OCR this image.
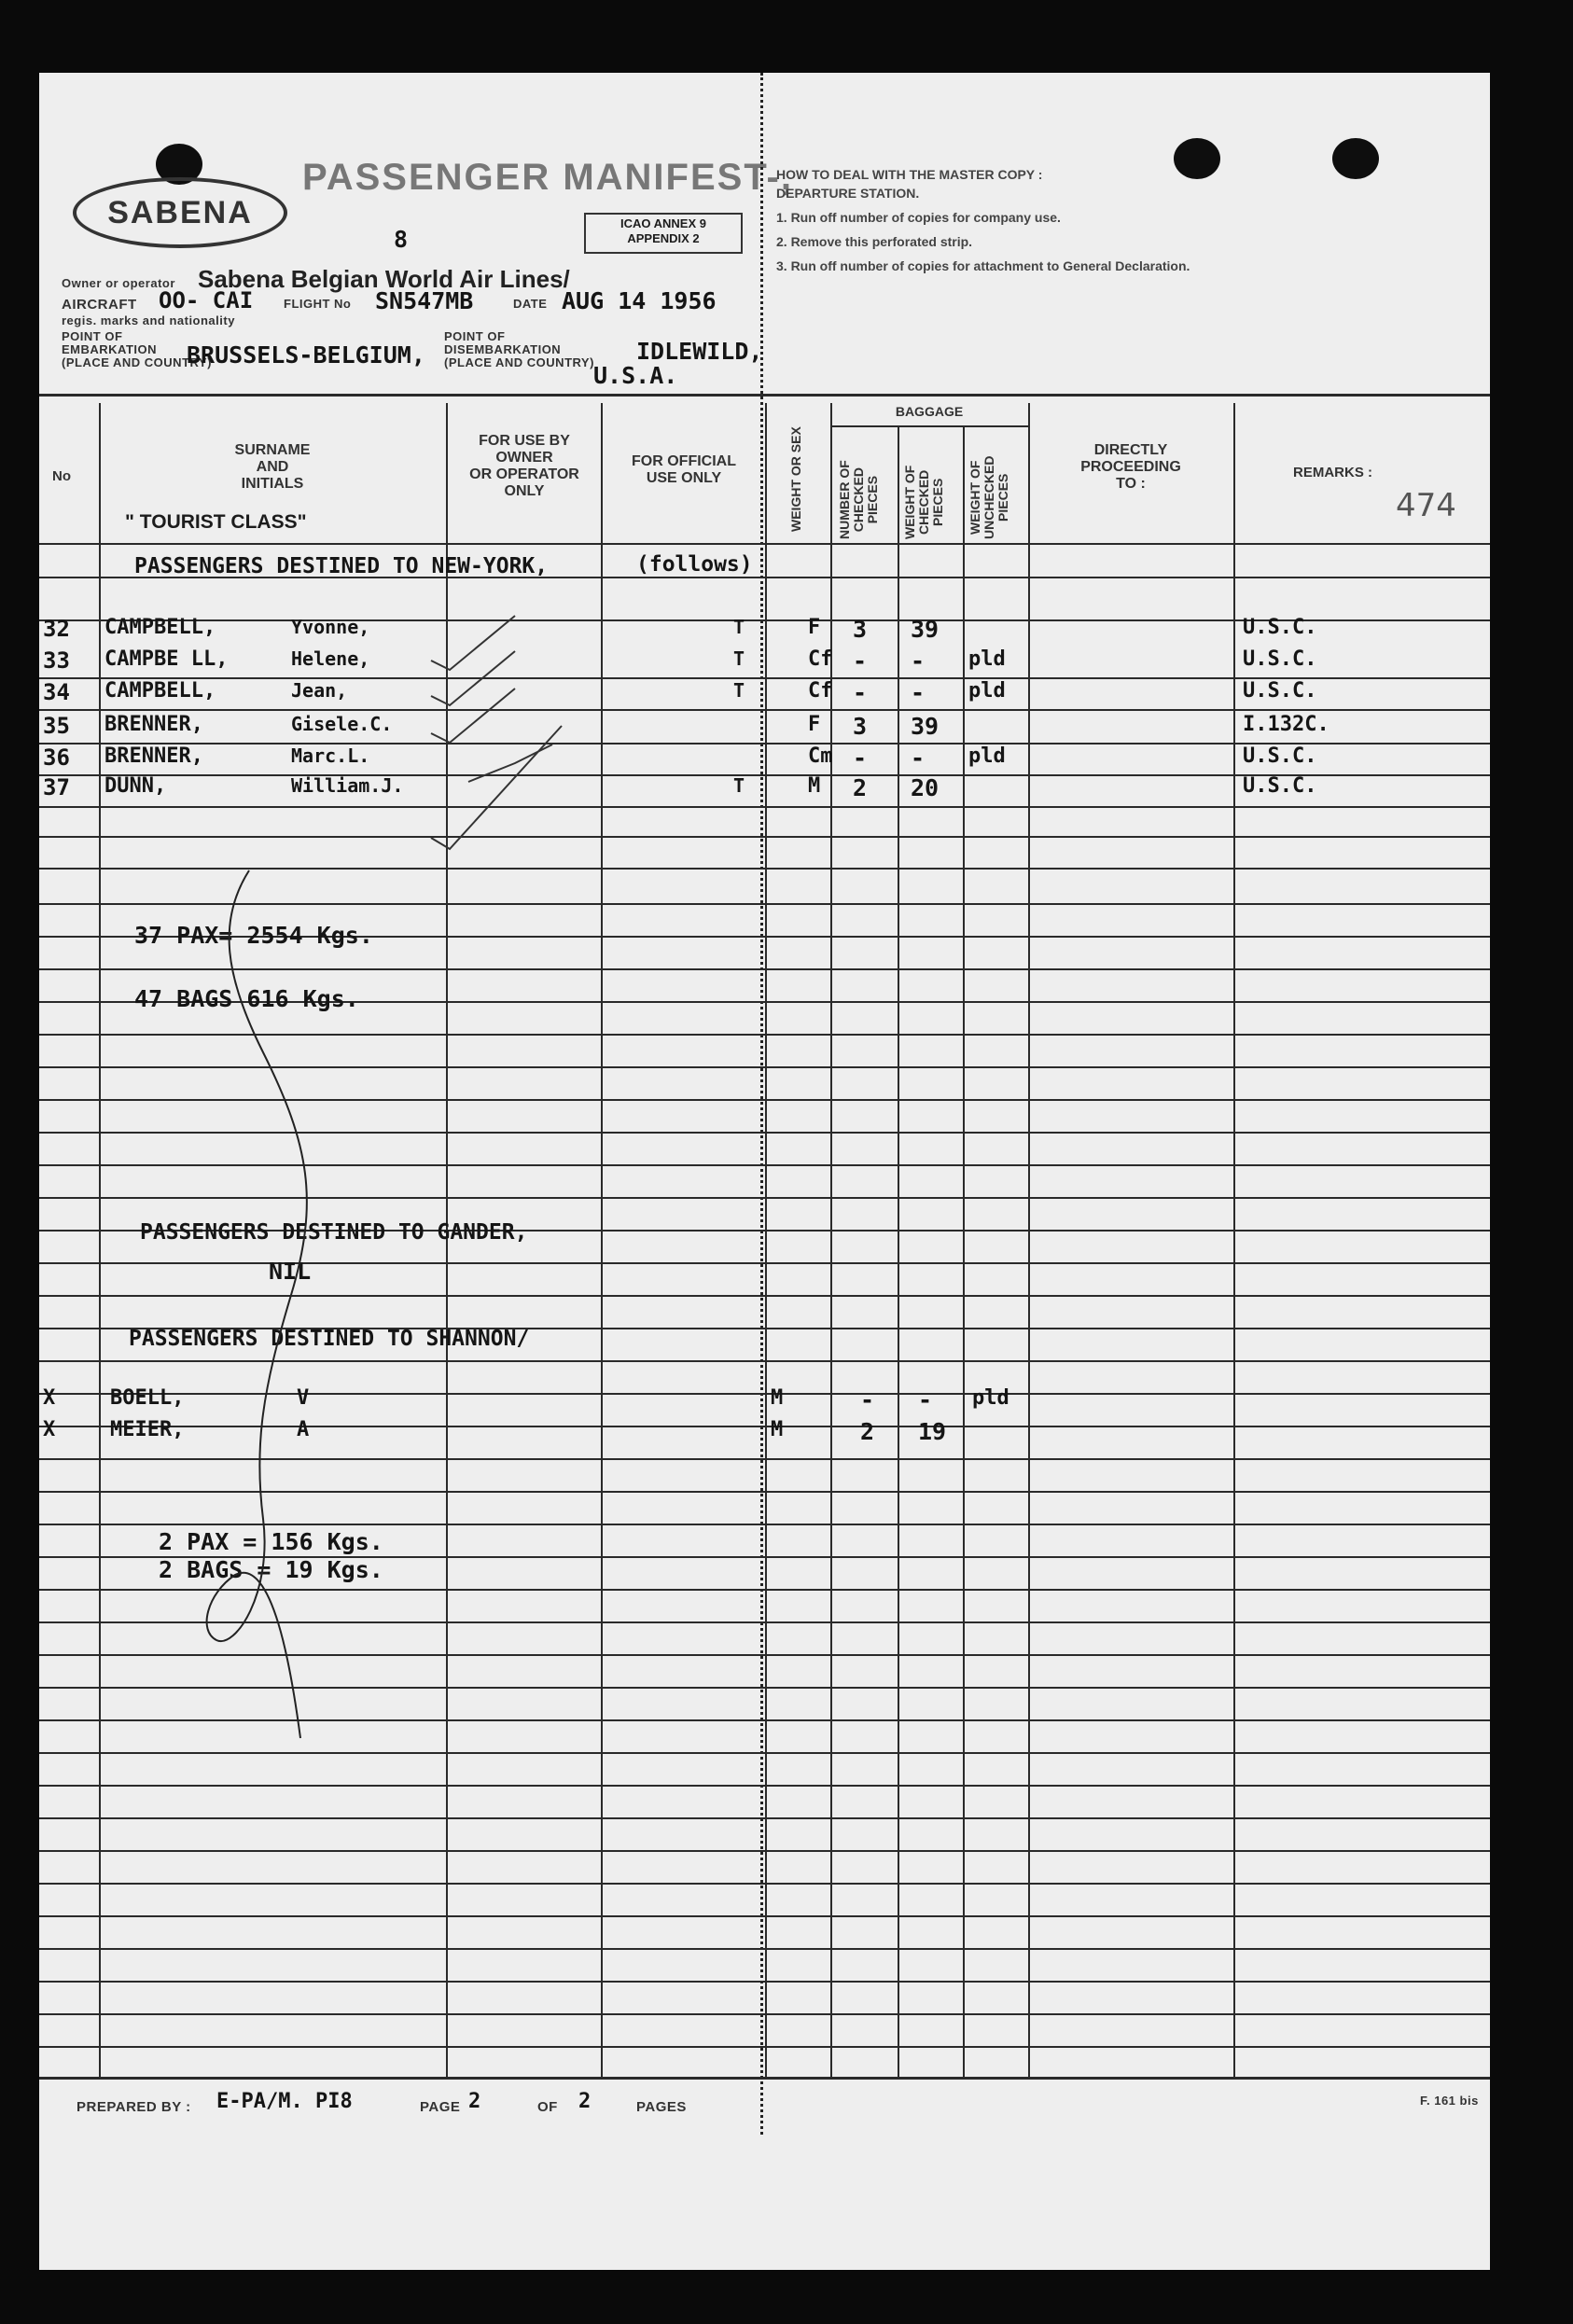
SABENA
PASSENGER MANIFEST-,
8
ICAO ANNEX 9
APPENDIX 2
Owner or operator Sabena Belgian World Air Lines/
AIRCRAFT OO- CAI	FLIGHT No SN547MB	DATE AUG 14 1956
regis. marks and nationality
POINT OF
EMBARKATION
(PLACE AND COUNTRY)
BRUSSELS-BELGIUM,
POINT OF
DISEMBARKATION
(PLACE AND COUNTRY) IDLEWILD,
U.S.A.
HOW TO DEAL WITH THE MASTER COPY :
DEPARTURE STATION.
1. Run off number of copies for company use.
2. Remove this perforated strip.
3. Run off number of copies for attachment to General Declaration.
No
SURNAME
AND
INITIALS
" TOURIST CLASS"
FOR USE BY
OWNER
OR OPERATOR
ONLY
FOR OFFICIAL
USE ONLY	WEIGHT OR SEX
BAGGAGE
NUMBER OF CHECKED PIECES WEIGHT OF CHECKED PIECES WEIGHT OF UNCHECKED PIECES
DIRECTLY
PROCEEDING
TO :
REMARKS :
474
PASSENGERS DESTINED TO NEW-YORK,	(follows)
32 CAMPBELL,	Yvonne,	T	F 3 39	U.S.C.
33 CAMPBE LL,	Helene,	T	Cf - - pld	U.S.C.
34 CAMPBELL,	Jean,	T	Cf - - pld	U.S.C.
35 BRENNER,	Gisele.C.	F 3 39	I.132C.
36 BRENNER,	Marc.L.	Cm - - pld	U.S.C.
37 DUNN,	William.J.	T	M 2 20	U.S.C.
37 PAX= 2554 Kgs.
47 BAGS 616 Kgs.
PASSENGERS DESTINED TO GANDER,
NIL
PASSENGERS DESTINED TO SHANNON/
X	BOELL,	V	M	- - pld
X	MEIER,	A	M	2 19
2 PAX = 156 Kgs.
2 BAGS = 19 Kgs.
PREPARED BY : E-PA/M. PI8	PAGE 2	OF 2	PAGES	F. 161 bis
